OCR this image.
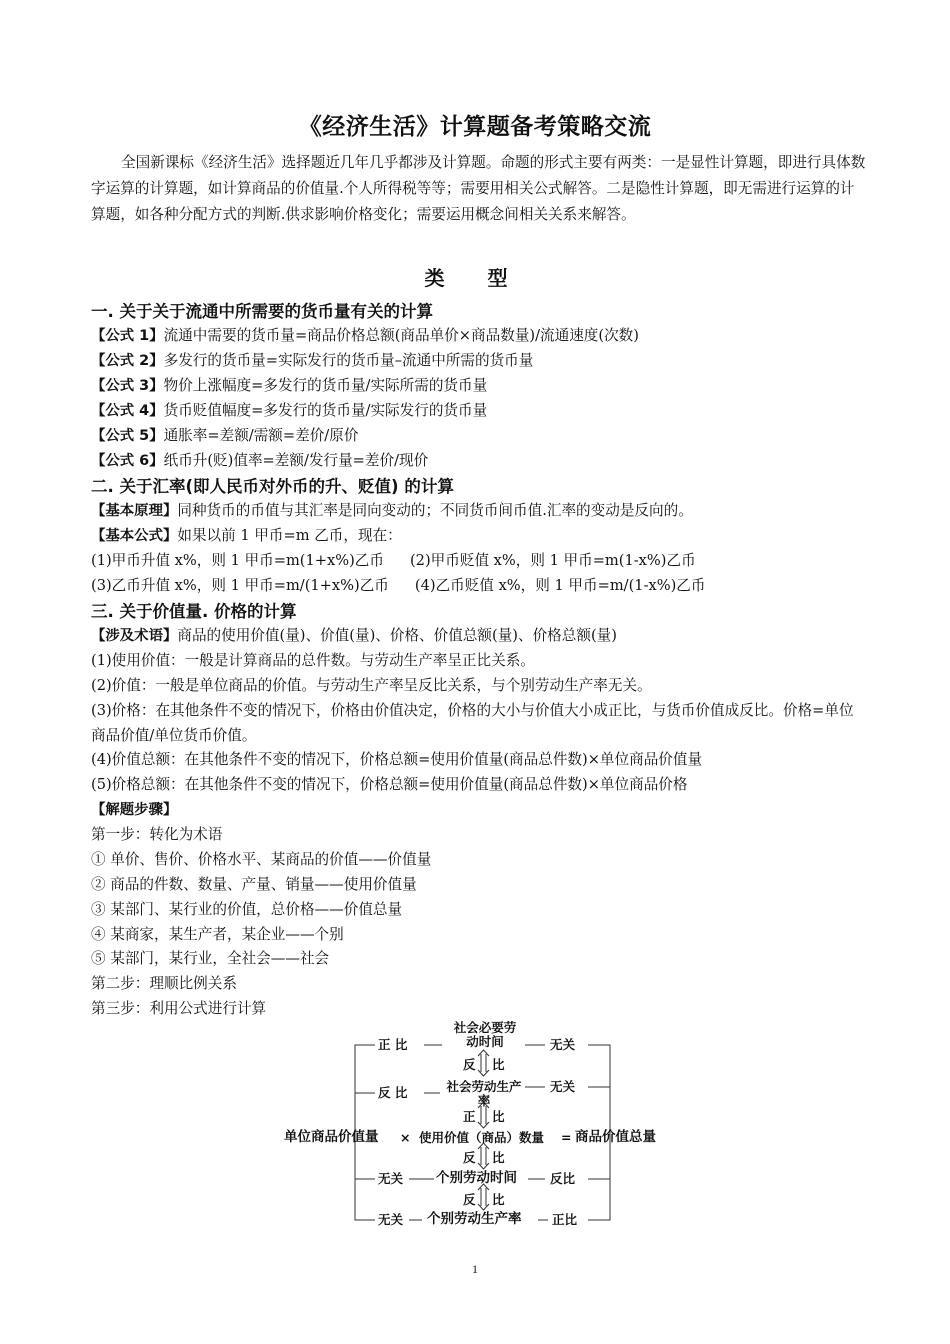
《经济生活》计算题备考策略交流
全国新课标《经济生活》选择题近几年几乎都涉及计算题。命题的形式主要有两类：一是显性计算题，即进行具体数字运算的计算题，如计算商品的价值量.个人所得税等等；需要用相关公式解答。二是隐性计算题，即无需进行运算的计算题，如各种分配方式的判断.供求影响价格变化；需要运用概念间相关关系来解答。
类 型
一. 关于关于流通中所需要的货币量有关的计算
【公式 1】流通中需要的货币量=商品价格总额(商品单价×商品数量)/流通速度(次数)
【公式 2】多发行的货币量=实际发行的货币量–流通中所需的货币量
【公式 3】物价上涨幅度=多发行的货币量/实际所需的货币量
【公式 4】货币贬值幅度=多发行的货币量/实际发行的货币量
【公式 5】通胀率=差额/需额=差价/原价
【公式 6】纸币升(贬)值率=差额/发行量=差价/现价
二. 关于汇率(即人民币对外币的升、贬值) 的计算
【基本原理】同种货币的币值与其汇率是同向变动的；不同货币间币值.汇率的变动是反向的。
【基本公式】如果以前 1 甲币=m 乙币，现在：
(1)甲币升值 x%，则 1 甲币=m(1+x%)乙币 (2)甲币贬值 x%，则 1 甲币=m(1-x%)乙币
(3)乙币升值 x%，则 1 甲币=m/(1+x%)乙币 (4)乙币贬值 x%，则 1 甲币=m/(1-x%)乙币
三. 关于价值量. 价格的计算
【涉及术语】商品的使用价值(量)、价值(量)、价格、价值总额(量)、价格总额(量)
(1)使用价值：一般是计算商品的总件数。与劳动生产率呈正比关系。
(2)价值：一般是单位商品的价值。与劳动生产率呈反比关系，与个别劳动生产率无关。
(3)价格：在其他条件不变的情况下，价格由价值决定，价格的大小与价值大小成正比，与货币价值成反比。价格=单位商品价值/单位货币价值。
(4)价值总额：在其他条件不变的情况下，价格总额=使用价值量(商品总件数)×单位商品价值量
(5)价格总额：在其他条件不变的情况下，价格总额=使用价值量(商品总件数)×单位商品价格
【解题步骤】
第一步：转化为术语
① 单价、售价、价格水平、某商品的价值——价值量
② 商品的件数、数量、产量、销量——使用价值量
③ 某部门、某行业的价值，总价格——价值总量
④ 某商家，某生产者，某企业——个别
⑤ 某部门，某行业，全社会——社会
第二步：理顺比例关系
第三步：利用公式进行计算
社会必要劳动时间
反 比
社会劳动生产率
正 比
单位商品价值量 × 使用价值（商品）数量 = 商品价值总量
反 比
个别劳动时间
反 比
个别劳动生产率
正 比
反 比
无关
无关
无关
无关
反比
正比
1
